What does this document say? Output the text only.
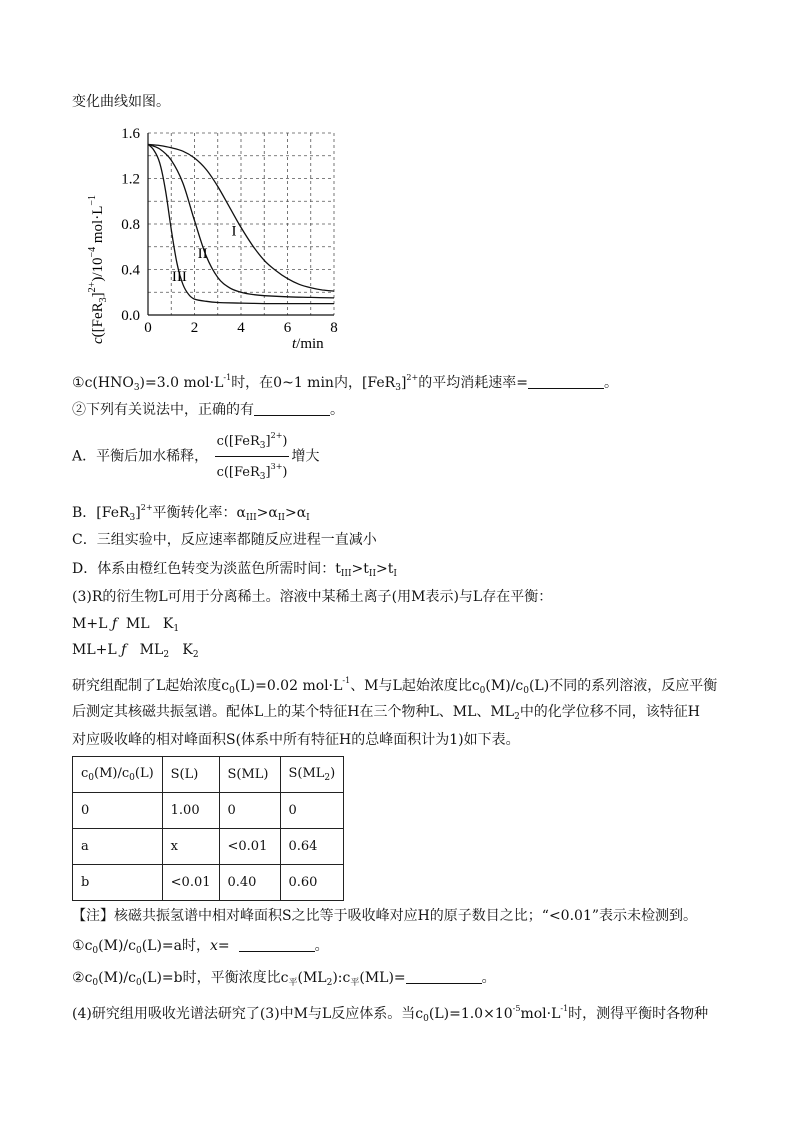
变化曲线如图。
0.0
0.4
0.8
1.2
1.6
0	2	4	6	8
I
II
III
$c([FeR_3]^{2+})/10^{-4}$ $mol\cdot L^{-1}$
t/min
$①c(HNO_3)=3.0$ $mol\cdot L^{-1}$时，在0~1 min内，$[FeR_3]^{2+}$的平均消耗速率=	。
②下列有关说法中，正确的有	。
A．平衡后加水稀释， $\frac{c([FeR_3]^{2+})}{c([FeR_3]^{3+})}$ 增大
B．$[FeR_3]^{2+}$平衡转化率：$\alpha_{III}>\alpha_{II}>\alpha_I$
C．三组实验中，反应速率都随反应进程一直减小
D．体系由橙红色转变为淡蓝色所需时间：$t_{III}>t_{II}>t_I$
(3)R的衍生物L可用于分离稀土。溶液中某稀土离子(用M表示)与L存在平衡：
M+L ƒ ML $K_1$
ML+L ƒ $ML_2$ $K_2$
研究组配制了L起始浓度$c_0(L)=0.02$ $mol\cdot L^{-1}$、M与L起始浓度比$c_0(M)/c_0(L)$不同的系列溶液，反应平衡
后测定其核磁共振氢谱。配体L上的某个特征H在三个物种L、ML、$ML_2$中的化学位移不同，该特征H
对应吸收峰的相对峰面积S(体系中所有特征H的总峰面积计为1)如下表。
$c_0(M)/c_0(L)$	S(L)	S(ML)	$S(ML_2)$
0	1.00	0	0
a	x	<0.01	0.64
b	<0.01	0.40	0.60
【注】核磁共振氢谱中相对峰面积S之比等于吸收峰对应H的原子数目之比；“<0.01”表示未检测到。
$①c_0(M)/c_0(L)=a$时，x=	。
$②c_0(M)/c_0(L)=b$时，平衡浓度比$c_平(ML_2):c_平(ML)=$	。
(4)研究组用吸收光谱法研究了(3)中M与L反应体系。当$c_0(L)=1.0\times 10^{-5}mol\cdot L^{-1}$时，测得平衡时各物种
